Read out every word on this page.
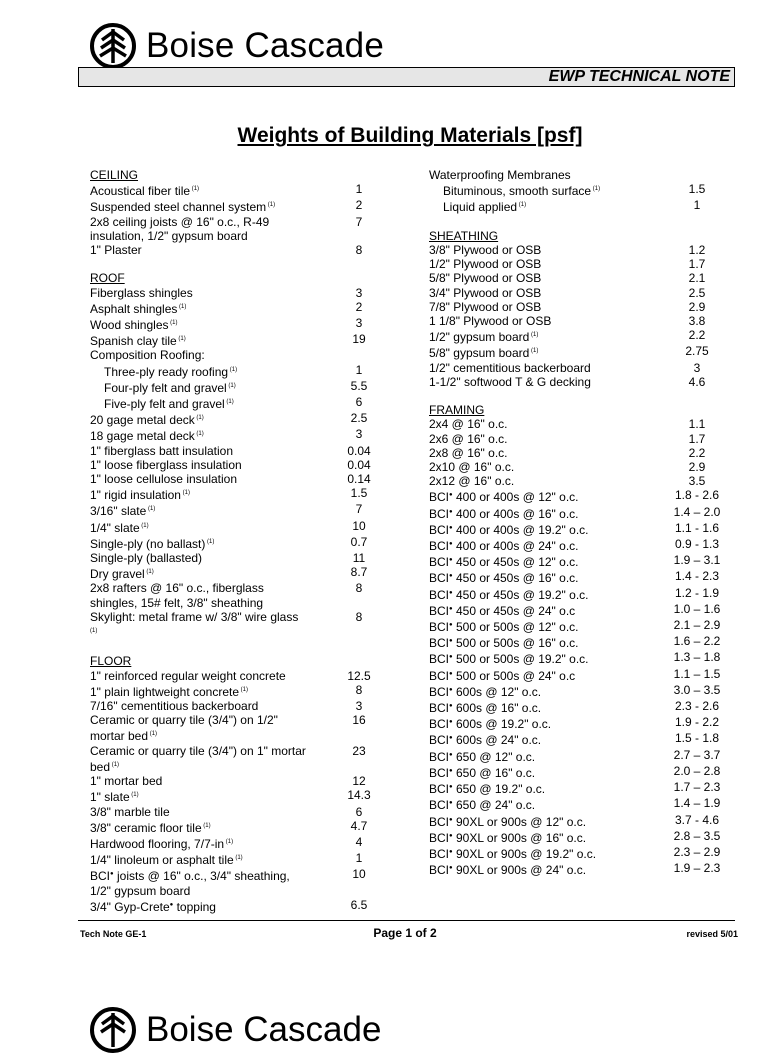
Boise Cascade
EWP TECHNICAL NOTE
Weights of Building Materials [psf]
CEILING
Acoustical fiber tile $^{(1)}$	1
Suspended steel channel system $^{(1)}$	2
2x8 ceiling joists @ 16" o.c., R-49	7
insulation, 1/2" gypsum board
1" Plaster	8
ROOF
Fiberglass shingles	3
Asphalt shingles $^{(1)}$	2
Wood shingles $^{(1)}$	3
Spanish clay tile $^{(1)}$	19
Composition Roofing:
Three-ply ready roofing $^{(1)}$	1
Four-ply felt and gravel $^{(1)}$	5.5
Five-ply felt and gravel $^{(1)}$	6
20 gage metal deck $^{(1)}$	2.5
18 gage metal deck $^{(1)}$	3
1" fiberglass batt insulation	0.04
1" loose fiberglass insulation	0.04
1" loose cellulose insulation	0.14
1" rigid insulation $^{(1)}$	1.5
3/16" slate $^{(1)}$	7
1/4" slate $^{(1)}$	10
Single-ply (no ballast) $^{(1)}$	0.7
Single-ply (ballasted)	11
Dry gravel $^{(1)}$	8.7
2x8 rafters @ 16" o.c., fiberglass	8
shingles, 15# felt, 3/8" sheathing
Skylight: metal frame w/ 3/8" wire glass	8
$^{(1)}$
FLOOR
1" reinforced regular weight concrete	12.5
1" plain lightweight concrete $^{(1)}$	8
7/16" cementitious backerboard	3
Ceramic or quarry tile (3/4") on 1/2"	16
mortar bed $^{(1)}$
Ceramic or quarry tile (3/4") on 1" mortar	23
bed $^{(1)}$
1" mortar bed	12
1" slate $^{(1)}$	14.3
3/8" marble tile	6
3/8" ceramic floor tile $^{(1)}$	4.7
Hardwood flooring, 7/7-in $^{(1)}$	4
1/4" linoleum or asphalt tile $^{(1)}$	1
BCI● joists @ 16" o.c., 3/4" sheathing,	10
1/2" gypsum board
3/4" Gyp-Crete● topping	6.5
Waterproofing Membranes
Bituminous, smooth surface $^{(1)}$	1.5
Liquid applied $^{(1)}$	1
SHEATHING
3/8" Plywood or OSB	1.2
1/2" Plywood or OSB	1.7
5/8" Plywood or OSB	2.1
3/4" Plywood or OSB	2.5
7/8" Plywood or OSB	2.9
1 1/8" Plywood or OSB	3.8
1/2" gypsum board $^{(1)}$	2.2
5/8" gypsum board $^{(1)}$	2.75
1/2" cementitious backerboard	3
1-1/2" softwood T & G decking	4.6
FRAMING
2x4 @ 16" o.c.	1.1
2x6 @ 16" o.c.	1.7
2x8 @ 16" o.c.	2.2
2x10 @ 16" o.c.	2.9
2x12 @ 16" o.c.	3.5
BCI● 400 or 400s @ 12" o.c.	1.8 - 2.6
BCI● 400 or 400s @ 16" o.c.	1.4 – 2.0
BCI● 400 or 400s @ 19.2" o.c.	1.1 - 1.6
BCI● 400 or 400s @ 24" o.c.	0.9 - 1.3
BCI● 450 or 450s @ 12" o.c.	1.9 – 3.1
BCI● 450 or 450s @ 16" o.c.	1.4 - 2.3
BCI● 450 or 450s @ 19.2" o.c.	1.2 - 1.9
BCI● 450 or 450s @ 24" o.c	1.0 – 1.6
BCI● 500 or 500s @ 12" o.c.	2.1 – 2.9
BCI● 500 or 500s @ 16" o.c.	1.6 – 2.2
BCI● 500 or 500s @ 19.2" o.c.	1.3 – 1.8
BCI● 500 or 500s @ 24" o.c	1.1 – 1.5
BCI● 600s @ 12" o.c.	3.0 – 3.5
BCI● 600s @ 16" o.c.	2.3 - 2.6
BCI● 600s @ 19.2" o.c.	1.9 - 2.2
BCI● 600s @ 24" o.c.	1.5 - 1.8
BCI● 650 @ 12" o.c.	2.7 – 3.7
BCI● 650 @ 16" o.c.	2.0 – 2.8
BCI● 650 @ 19.2" o.c.	1.7 – 2.3
BCI● 650 @ 24" o.c.	1.4 – 1.9
BCI● 90XL or 900s @ 12" o.c.	3.7 - 4.6
BCI● 90XL or 900s @ 16" o.c.	2.8 – 3.5
BCI● 90XL or 900s @ 19.2" o.c.	2.3 – 2.9
BCI● 90XL or 900s @ 24" o.c.	1.9 – 2.3
Tech Note GE-1	Page 1 of 2	revised 5/01
Boise Cascade
